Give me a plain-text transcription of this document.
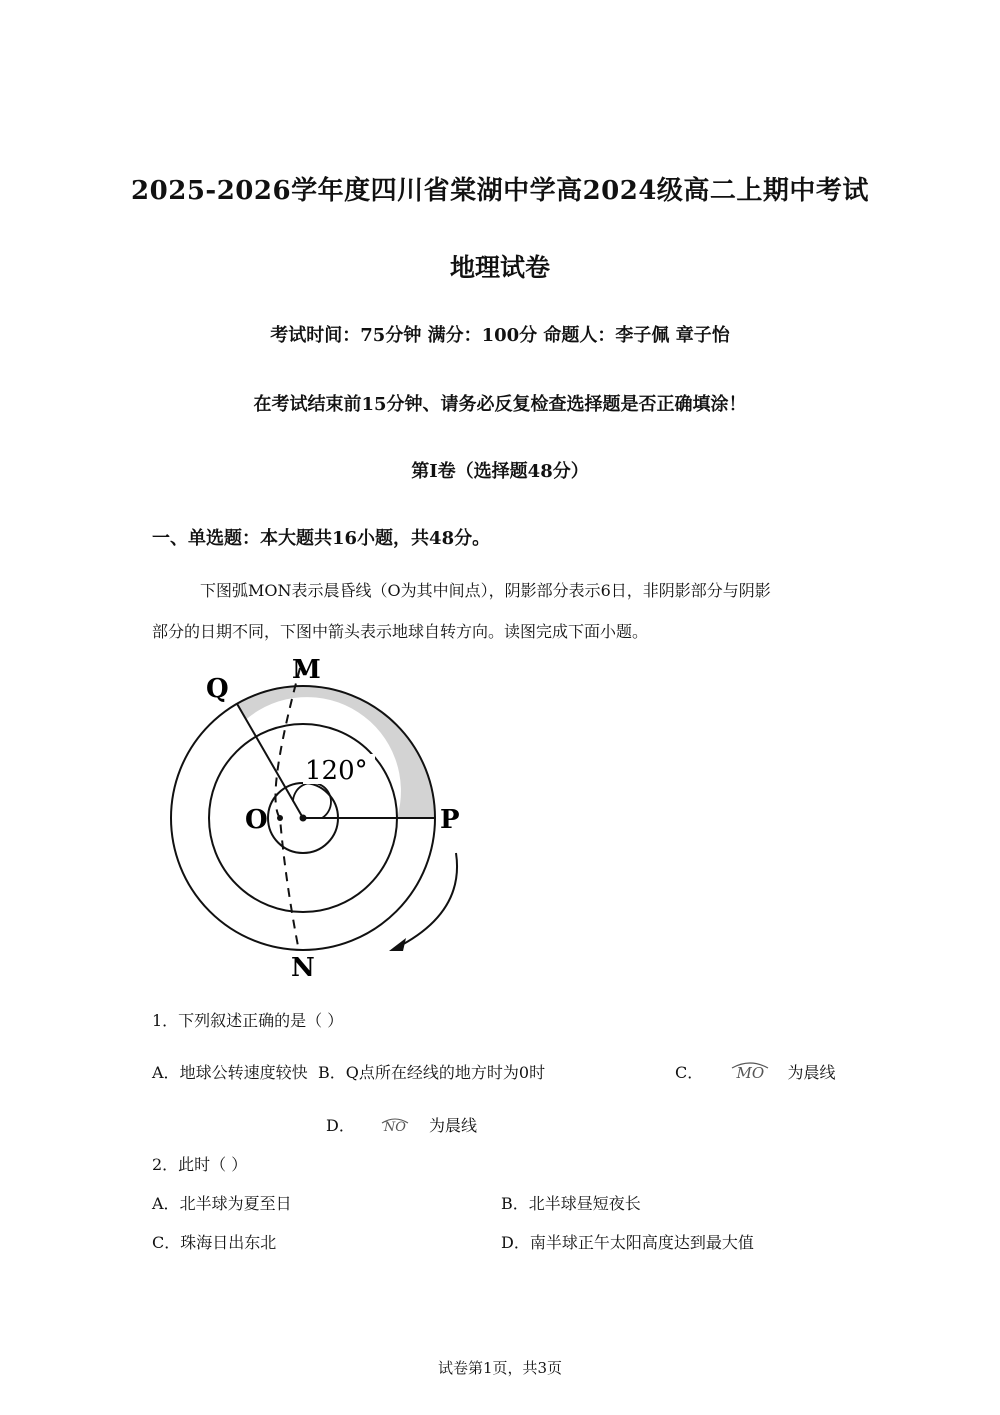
2025-2026学年度四川省棠湖中学高2024级高二上期中考试
地理试卷
考试时间：75分钟 满分：100分 命题人：李子佩 章子怡
在考试结束前15分钟、请务必反复检查选择题是否正确填涂！
第I卷（选择题48分）
一、单选题：本大题共16小题，共48分。
下图弧MON表示晨昏线（O为其中间点），阴影部分表示6日，非阴影部分与阴影
部分的日期不同，下图中箭头表示地球自转方向。读图完成下面小题。
M
Q
120°
O	P
N
1．下列叙述正确的是（ ）
A．地球公转速度较快 B．Q点所在经线的地方时为0时	C． MO 为晨线
D． NO 为晨线
2．此时（ ）
A．北半球为夏至日	B．北半球昼短夜长
C．珠海日出东北	D．南半球正午太阳高度达到最大值
试卷第1页，共3页
